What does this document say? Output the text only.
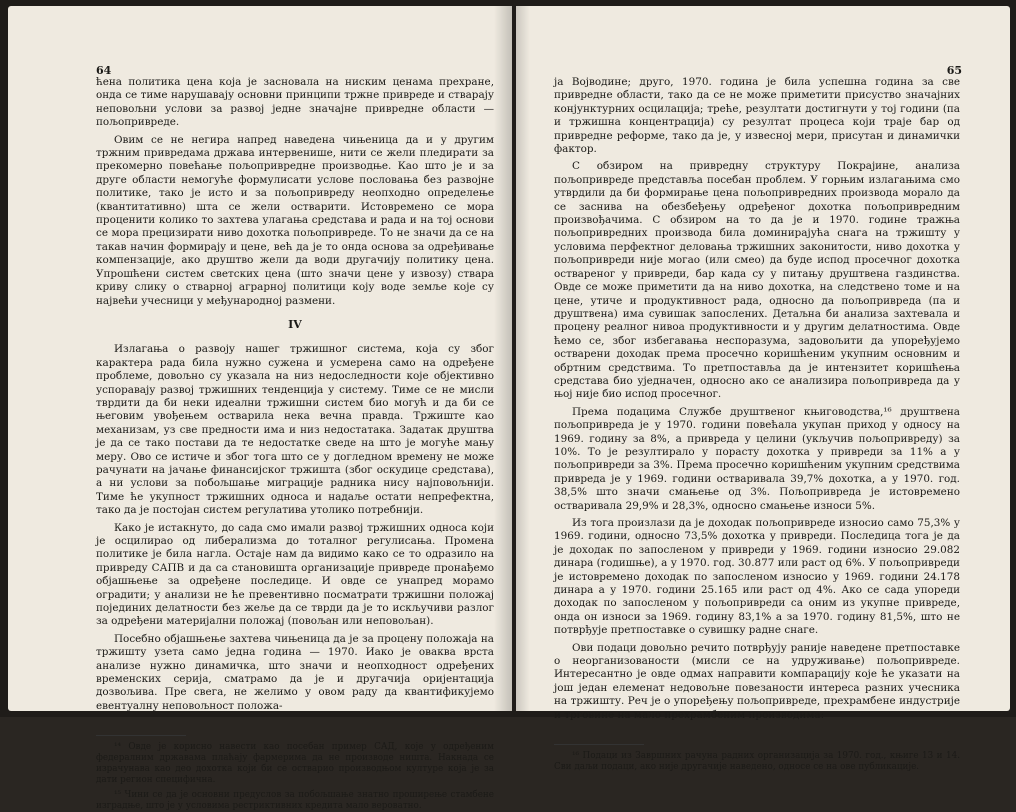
64

ћена политика цена која је засновала на ниским ценама прехране, онда се тиме нарушавају основни принципи тржне привреде и стварају неповољни услови за развој једне значајне привредне области — пољопривреде.

Овим се не негира напред наведена чињеница да и у другим тржним привредама држава интервенише, нити се жели пледирати за прекомерно повећање пољопривредне производње. Као што је и за друге области немогуће формулисати услове пословања без развојне политике, тако је исто и за пољопривреду неопходно определење (квантитативно) шта се жели остварити. Истовремено се мора проценити колико то захтева улагања средстава и рада и на тој основи се мора прецизирати ниво дохотка пољопривреде. То не значи да се на такав начин формирају и цене, већ да је то онда основа за одређивање компензације, ако друштво жели да води другачију политику цена. Упрошћени систем светских цена (што значи цене у извозу) ствара криву слику о стварној аграрној политици коју воде земље које су највећи учесници у међународној размени.

IV

Излагања о развоју нашег тржишног система, која су због карактера рада била нужно сужена и усмерена само на одређене проблеме, довољно су указала на низ недоследности које објективно успоравају развој тржишних тенденција у систему. Тиме се не мисли тврдити да би неки идеални тржишни систем био могућ и да би се његовим увођењем остварила нека вечна правда. Тржиште као механизам, уз све предности има и низ недостатака. Задатак друштва је да се тако постави да те недостатке сведе на што је могуће мању меру. Ово се истиче и због тога што се у догледном времену не може рачунати на јачање финансијског тржишта (због оскудице средстава), а ни услови за побољшање миграције радника нису најповољнији. Тиме ће укупност тржишних односа и надаље остати непрефектна, тако да је постојан систем регулатива утолико потребнији.

Како је истакнуто, до сада смо имали развој тржишних односа који је осцилирао од либерализма до тоталног регулисања. Промена политике је била нагла. Остаје нам да видимо како се то одразило на привреду САПВ и да са становишта организације привреде пронађемо објашњење за одређене последице. И овде се унапред морамо оградити; у анализи не ће превентивно посматрати тржишни положај појединих делатности без жеље да се тврди да је то искључиви разлог за одређени материјални положај (повољан или неповољан).

Посебно објашњење захтева чињеница да је за процену положаја на тржишту узета само једна година — 1970. Иако је оваква врста анализе нужно динамичка, што значи и неопходност одређених временских серија, сматрамо да је и другачија оријентација дозвољива. Пре свега, не желимо у овом раду да квантификујемо евентуалну неповољност положа-

¹⁴ Овде је корисно навести као посебан пример САД, које у одређеним федералним државама плаћају фармерима да не производе ништа. Накнада се израчунава као део дохотка који би се остварио производњом културе која је за дати регион специфична.

¹⁵ Чини се да је основни предуслов за побољшање знатно проширење стамбене изградње, што је у условима рестриктивних кредита мало вероватно.

65

ја Војводине; друго, 1970. година је била успешна година за све привредне области, тако да се не може приметити присуство значајних конјунктурних осцилација; треће, резултати достигнути у тој години (па и тржишна концентрација) су резултат процеса који траје бар од привредне реформе, тако да је, у извесној мери, присутан и динамички фактор.

С обзиром на привредну структуру Покрајине, анализа пољопривреде представља посебан проблем. У горњим излагањима смо утврдили да би формирање цена пољопривредних производа морало да се заснива на обезбеђењу одређеног дохотка пољопривредним произвођачима. С обзиром на то да је и 1970. године тражња пољопривредних производа била доминирајућа снага на тржишту у условима перфектног деловања тржишних законитости, ниво дохотка у пољопривреди није могао (или смео) да буде испод просечног дохотка оствареног у привреди, бар када су у питању друштвена газдинства. Овде се може приметити да на ниво дохотка, на следствено томе и на цене, утиче и продуктивност рада, односно да пољопривреда (па и друштвена) има сувишак запослених. Детаљна би анализа захтевала и процену реалног нивоа продуктивности и у другим делатностима. Овде ћемо се, због избегавања неспоразума, задовољити да упоређујемо остварени доходак према просечно коришћеним укупним основним и обртним средствима. То претпоставља да је интензитет коришћења средстава био уједначен, односно ако се анализира пољопривреда да у њој није био испод просечног.

Према подацима Службе друштвеног књиговодства,¹⁶ друштвена пољопривреда је у 1970. години повећала укупан приход у односу на 1969. годину за 8%, а привреда у целини (укључив пољопривреду) за 10%. То је резултирало у порасту дохотка у привреди за 11% а у пољопривреди за 3%. Према просечно коришћеним укупним средствима привреда је у 1969. години остваривала 39,7% дохотка, а у 1970. год. 38,5% што значи смањење од 3%. Пољопривреда је истовремено остваривала 29,9% и 28,3%, односно смањење износи 5%.

Из тога произлази да је доходак пољопривреде износио само 75,3% у 1969. години, односно 73,5% дохотка у привреди. Последица тога је да је доходак по запосленом у привреди у 1969. години износио 29.082 динара (годишње), а у 1970. год. 30.877 или раст од 6%. У пољопривреди је истовремено доходак по запосленом износио у 1969. години 24.178 динара а у 1970. години 25.165 или раст од 4%. Ако се сада упореди доходак по запосленом у пољопривреди са оним из укупне привреде, онда он износи за 1969. годину 83,1% а за 1970. годину 81,5%, што не потврђује претпоставке о сувишку радне снаге.

Ови подаци довољно речито потврђују раније наведене претпоставке о неорганизованости (мисли се на удруживање) пољопривреде. Интересантно је овде одмах направити компарацију које ће указати на још један елеменат недовољне повезаности интереса разних учесника на тржишту. Реч је о упоређењу пољопривреде, прехрамбене индустрије и трговине на мало прехрамбеним производима:

¹⁶ Подаци из Завршних рачуна радних организација за 1970. год., књиге 13 и 14. Сви даљи подаци, ако није другачије наведено, односе се на ове публикације.
